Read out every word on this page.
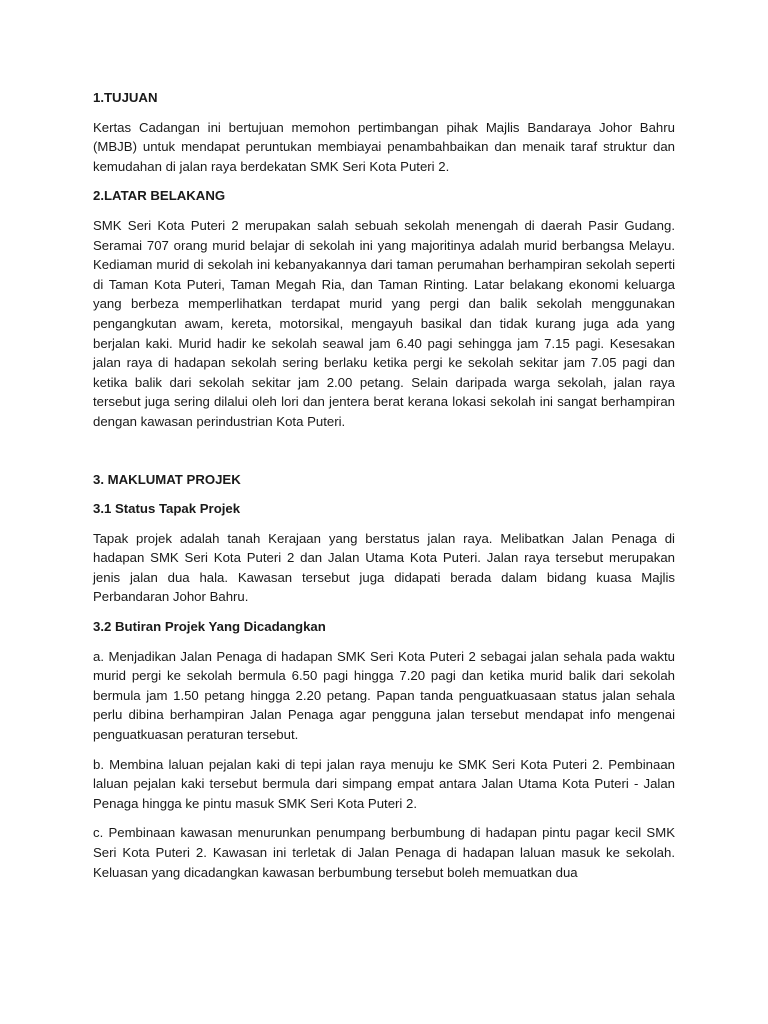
1.TUJUAN

Kertas Cadangan ini bertujuan memohon pertimbangan pihak Majlis Bandaraya Johor Bahru (MBJB) untuk mendapat peruntukan membiayai penambahbaikan dan menaik taraf struktur dan kemudahan di jalan raya berdekatan SMK Seri Kota Puteri 2.

2.LATAR BELAKANG

SMK Seri Kota Puteri 2 merupakan salah sebuah sekolah menengah di daerah Pasir Gudang. Seramai 707 orang murid belajar di sekolah ini yang majoritinya adalah murid berbangsa Melayu. Kediaman murid di sekolah ini kebanyakannya dari taman perumahan berhampiran sekolah seperti di Taman Kota Puteri, Taman Megah Ria, dan Taman Rinting. Latar belakang ekonomi keluarga yang berbeza memperlihatkan terdapat murid yang pergi dan balik sekolah menggunakan pengangkutan awam, kereta, motorsikal, mengayuh basikal dan tidak kurang juga ada yang berjalan kaki. Murid hadir ke sekolah seawal jam 6.40 pagi sehingga jam 7.15 pagi. Kesesakan jalan raya di hadapan sekolah sering berlaku ketika pergi ke sekolah sekitar jam 7.05 pagi dan ketika balik dari sekolah sekitar jam 2.00 petang. Selain daripada warga sekolah, jalan raya tersebut juga sering dilalui oleh lori dan jentera berat kerana lokasi sekolah ini sangat berhampiran dengan kawasan perindustrian Kota Puteri.

3. MAKLUMAT PROJEK

3.1 Status Tapak Projek

Tapak projek adalah tanah Kerajaan yang berstatus jalan raya. Melibatkan Jalan Penaga di hadapan SMK Seri Kota Puteri 2 dan Jalan Utama Kota Puteri. Jalan raya tersebut merupakan jenis jalan dua hala. Kawasan tersebut juga didapati berada dalam bidang kuasa Majlis Perbandaran Johor Bahru.

3.2 Butiran Projek Yang Dicadangkan

a. Menjadikan Jalan Penaga di hadapan SMK Seri Kota Puteri 2 sebagai jalan sehala pada waktu murid pergi ke sekolah bermula 6.50 pagi hingga 7.20 pagi dan ketika murid balik dari sekolah bermula jam 1.50 petang hingga 2.20 petang. Papan tanda penguatkuasaan status jalan sehala perlu dibina berhampiran Jalan Penaga agar pengguna jalan tersebut mendapat info mengenai penguatkuasan peraturan tersebut.

b. Membina laluan pejalan kaki di tepi jalan raya menuju ke SMK Seri Kota Puteri 2. Pembinaan laluan pejalan kaki tersebut bermula dari simpang empat antara Jalan Utama Kota Puteri - Jalan Penaga hingga ke pintu masuk SMK Seri Kota Puteri 2.

c. Pembinaan kawasan menurunkan penumpang berbumbung di hadapan pintu pagar kecil SMK Seri Kota Puteri 2. Kawasan ini terletak di Jalan Penaga di hadapan laluan masuk ke sekolah. Keluasan yang dicadangkan kawasan berbumbung tersebut boleh memuatkan dua
